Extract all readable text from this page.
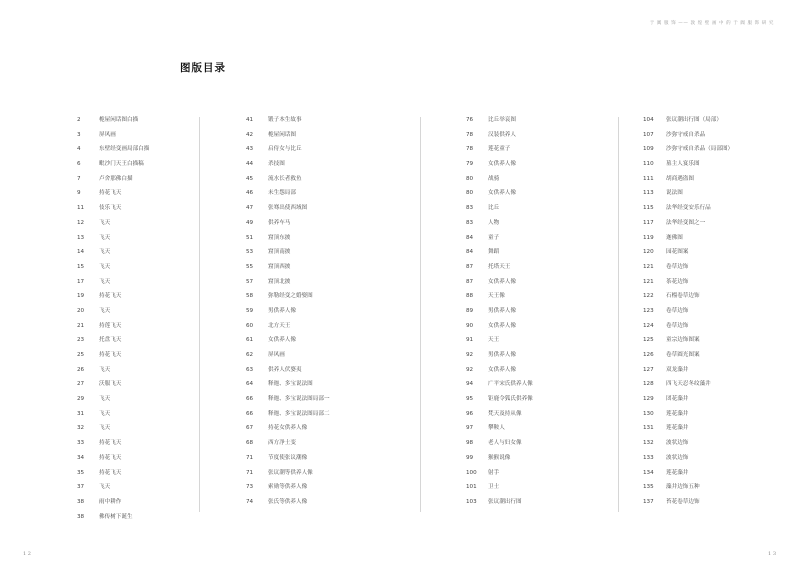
于 阗 服 饰 —— 敦 煌 壁 画 中 的 于 阗 服 饰 研 究
图版目录
2	桅屋闲话图白描
3	屏风画
4	东壁经变画局部白描
6	毗沙门天王白描稿
7	卢舍那佛白描
9	持花飞天
11	伎乐飞天
12	飞天
13	飞天
14	飞天
15	飞天
17	飞天
19	持花飞天
20	飞天
21	持莲飞天
23	托盘飞天
25	持花飞天
26	飞天
27	沃服飞天
29	飞天
31	飞天
32	飞天
33	持花飞天
34	持花飞天
35	持花飞天
37	飞天
38	雨中耕作
38	佛传树下诞生
41	锻子本生故事
42	桅屋闲话图
43	启侍女与比丘
44	杀技图
45	流水长者救鱼
46	未生怨局部
47	张骞出使西域图
49	供养车马
51	窟顶东披
53	窟顶南披
55	窟顶西披
57	窟顶北披
58	弥勒经变之婚娶图
59	男供养人像
60	北方天王
61	女供养人像
62	屏风画
63	供养人伏婆夷
64	释迦、多宝说法图
66	释迦、多宝说法图局部一
66	释迦、多宝说法图局部二
67	持花女供养人像
68	西方净土变
71	节度使张议潮像
71	张议潮等供养人像
73	索勋等供养人像
74	张氏等供养人像
76	比丘举哀图
78	汉装供养人
78	莲花童子
79	女供养人像
80	战骑
80	女供养人像
83	比丘
83	人物
84	童子
84	舞蹈
87	托塔天王
87	女供养人像
88	天王像
89	男供养人像
90	女供养人像
91	天王
92	男供养人像
92	女供养人像
94	广平宋氏供养人像
95	钜鹿令狐氏供养像
96	梵天及持从像
97	攀鞍人
98	老人与妇女像
99	猴猴说像
100 射手
101 卫士
103 张议潮出行图
104 张议潮出行图（局部）
107 沙弥守戒自杀品
109 沙弥守戒自杀品（局部图）
110 墓主人宴乐图
111 胡商遇盗图
113 说法图
115 法华经变安乐行品
117 法华经变图之一
119 迦佛图
120 园花图案
121 卷草边饰
121 茶花边饰
122 石榴卷草边饰
123 卷草边饰
124 卷草边饰
125 童宗边饰图案
126 卷草圆光图案
127 双龙藻井
128 四飞天忍冬纹藻井
129 团花藻井
130 莲花藻井
131 莲花藻井
132 波状边饰
133 波状边饰
134 莲花藻井
135 藻井边饰五种
137 苔花卷草边饰
1 2	1 3
